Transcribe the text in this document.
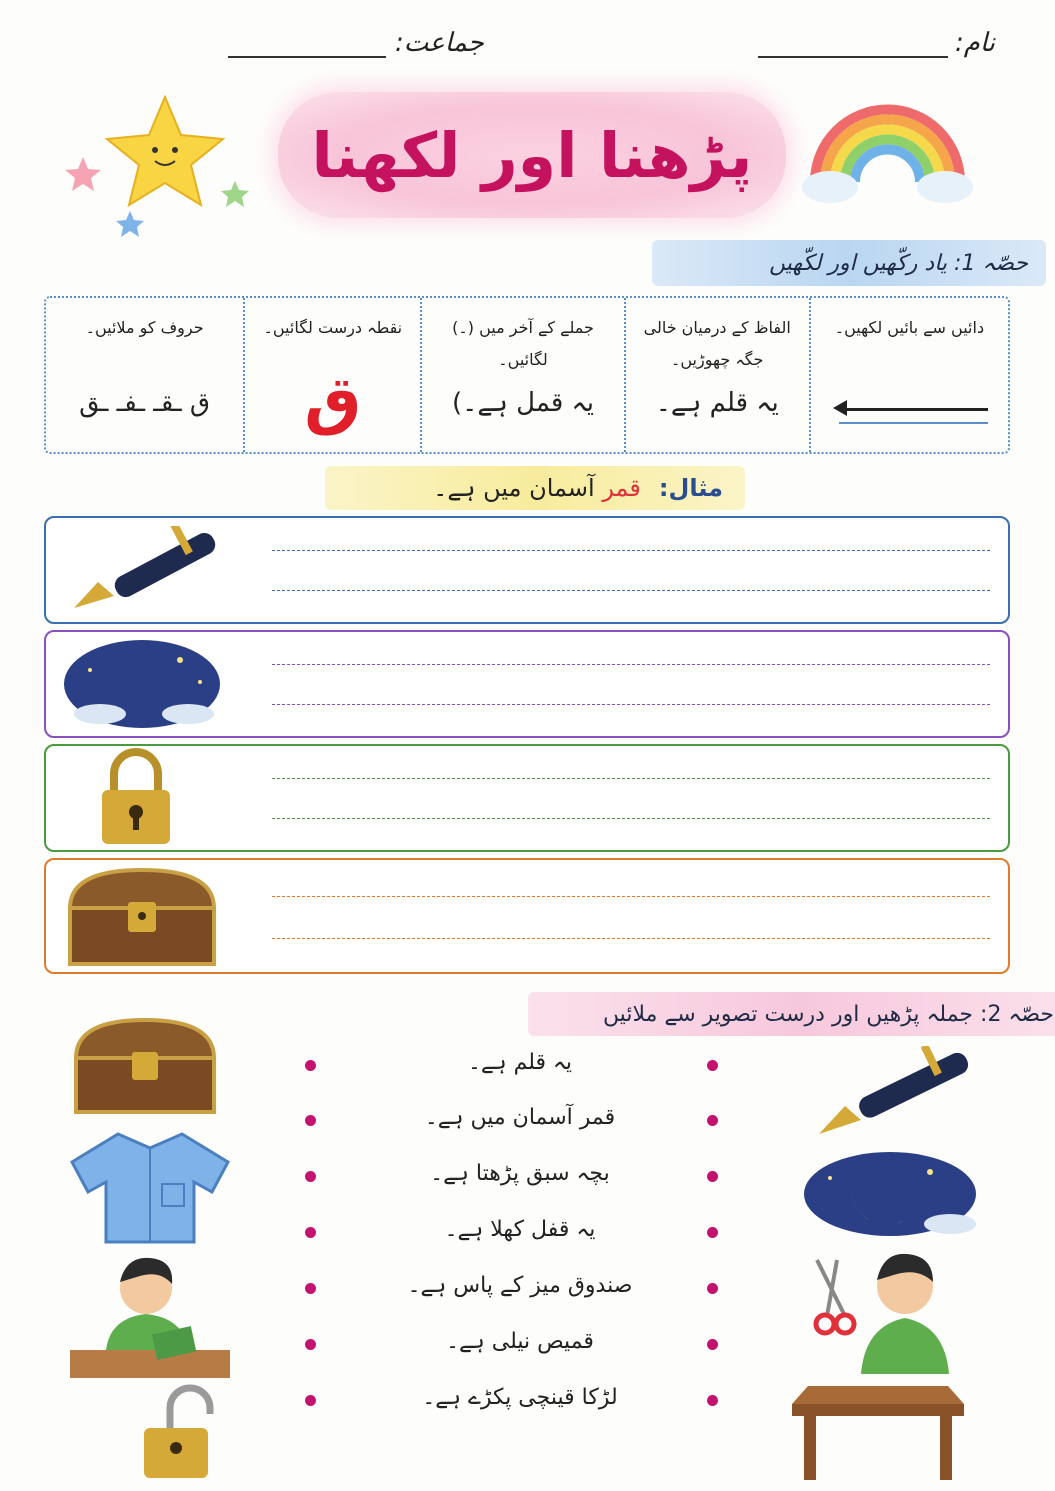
نام:
جماعت:
پڑھنا اور لکھنا
حصّہ 1: یاد رکّھیں اور لکّھیں
دائیں سے بائیں لکھیں۔
الفاظ کے درمیان خالی جگہ چھوڑیں۔
یہ قلم ہے۔
جملے کے آخر میں (۔) لگائیں۔
یہ قمل ہے۔)
نقطہ درست لگائیں۔
ق
حروف کو ملائیں۔
ق ـقـ ـفـ ـق
مثال:
قمر آسمان میں ہے۔
حصّہ 2: جملہ پڑھیں اور درست تصویر سے ملائیں
یہ قلم ہے۔
قمر آسمان میں ہے۔
بچہ سبق پڑھتا ہے۔
یہ قفل کھلا ہے۔
صندوق میز کے پاس ہے۔
قمیص نیلی ہے۔
لڑکا قینچی پکڑے ہے۔
